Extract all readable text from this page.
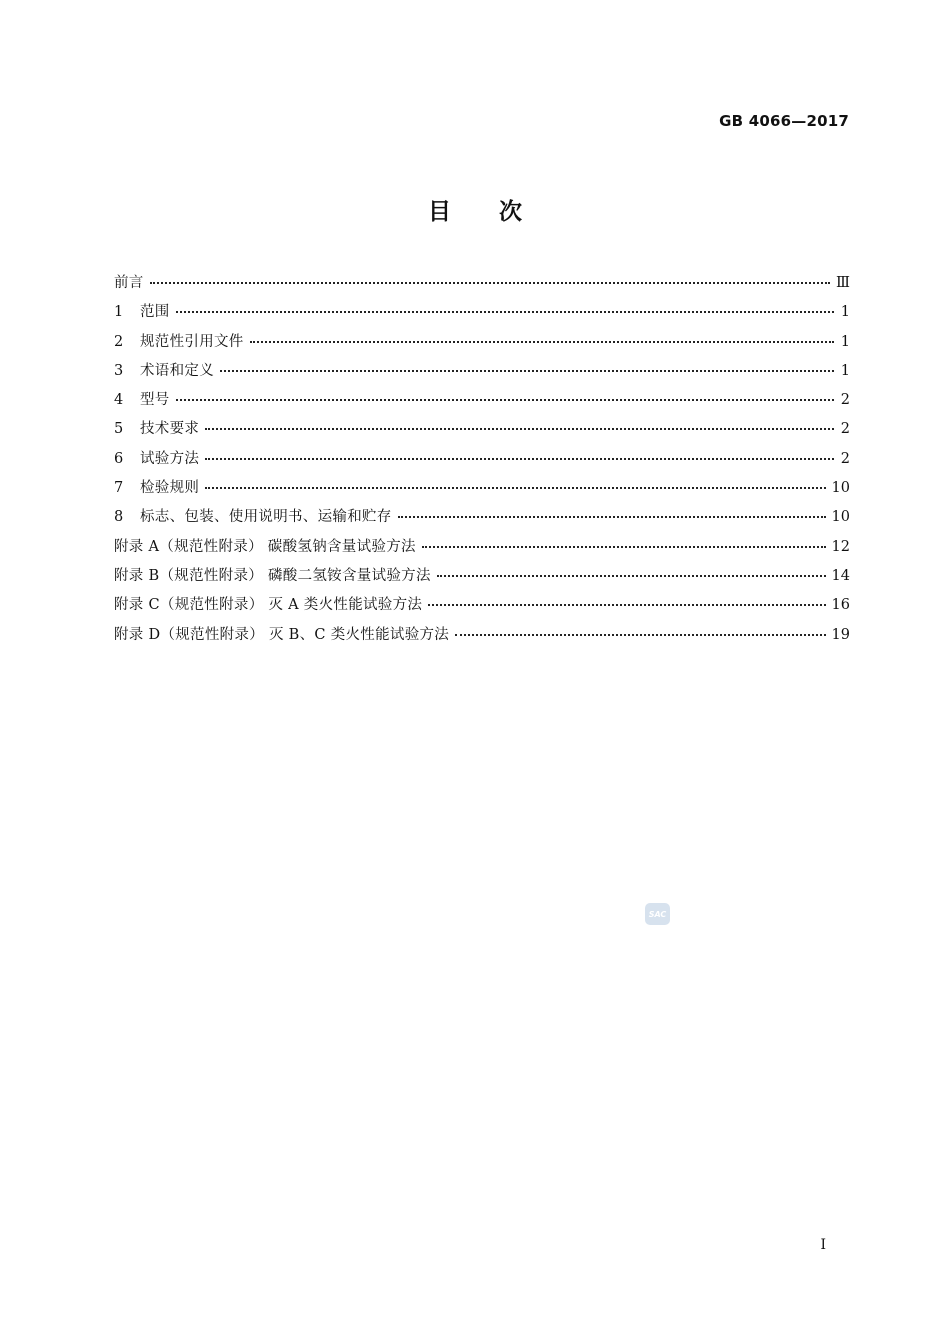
GB 4066—2017
目 次
前言	Ⅲ
1	范围	1
2	规范性引用文件	1
3	术语和定义	1
4	型号	2
5	技术要求	2
6	试验方法	2
7	检验规则	10
8	标志、包装、使用说明书、运输和贮存	10
附录 A（规范性附录） 碳酸氢钠含量试验方法	12
附录 B（规范性附录） 磷酸二氢铵含量试验方法	14
附录 C（规范性附录） 灭 A 类火性能试验方法	16
附录 D（规范性附录） 灭 B、C 类火性能试验方法	19
SAC
I
